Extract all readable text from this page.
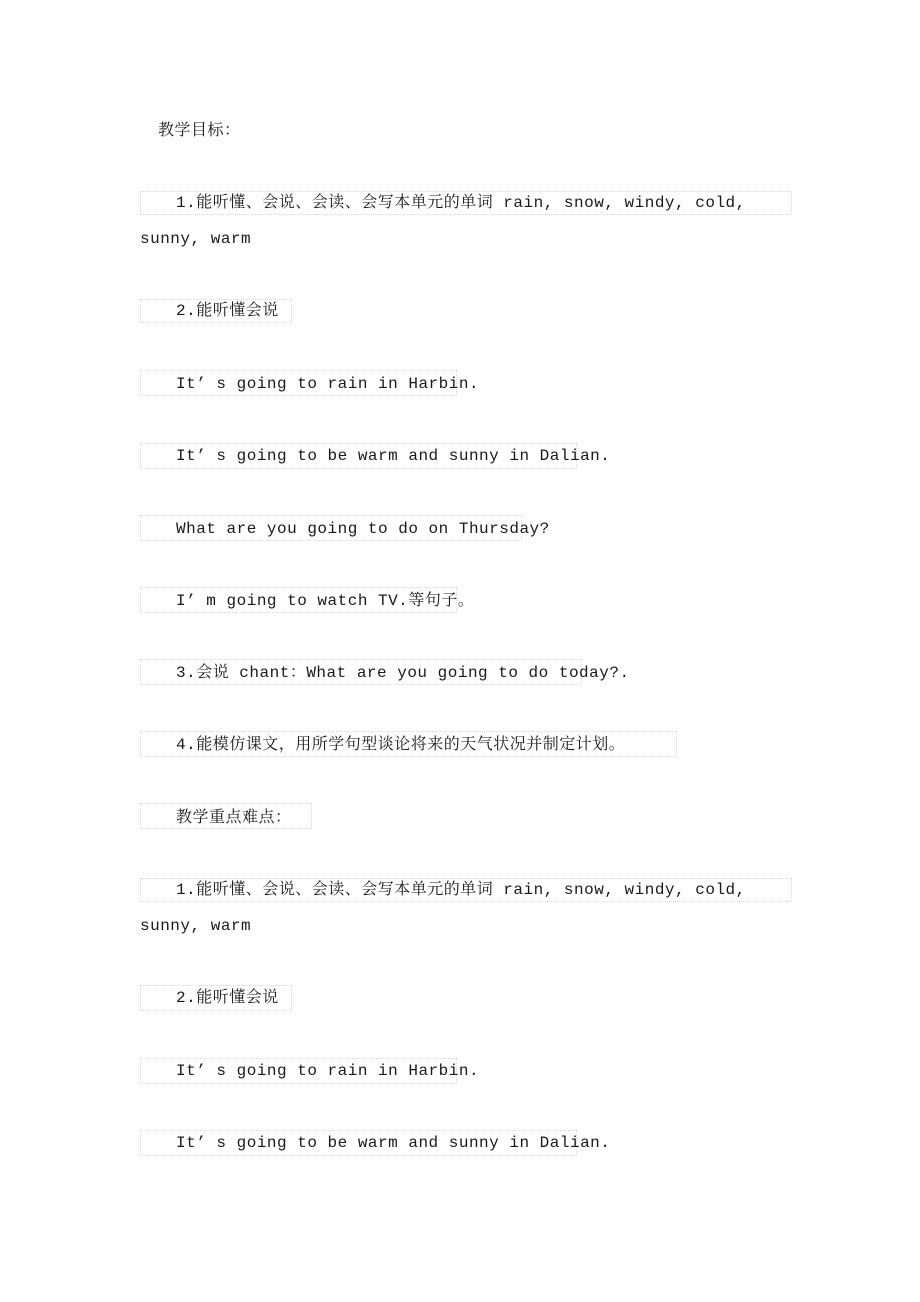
教学目标：
1.能听懂、会说、会读、会写本单元的单词 rain, snow, windy, cold,
sunny, warm
2.能听懂会说
It’ s going to rain in Harbin.
It’ s going to be warm and sunny in Dalian.
What are you going to do on Thursday?
I’ m going to watch TV.等句子。
3.会说 chant：What are you going to do today?.
4.能模仿课文，用所学句型谈论将来的天气状况并制定计划。
教学重点难点：
1.能听懂、会说、会读、会写本单元的单词 rain, snow, windy, cold,
sunny, warm
2.能听懂会说
It’ s going to rain in Harbin.
It’ s going to be warm and sunny in Dalian.
